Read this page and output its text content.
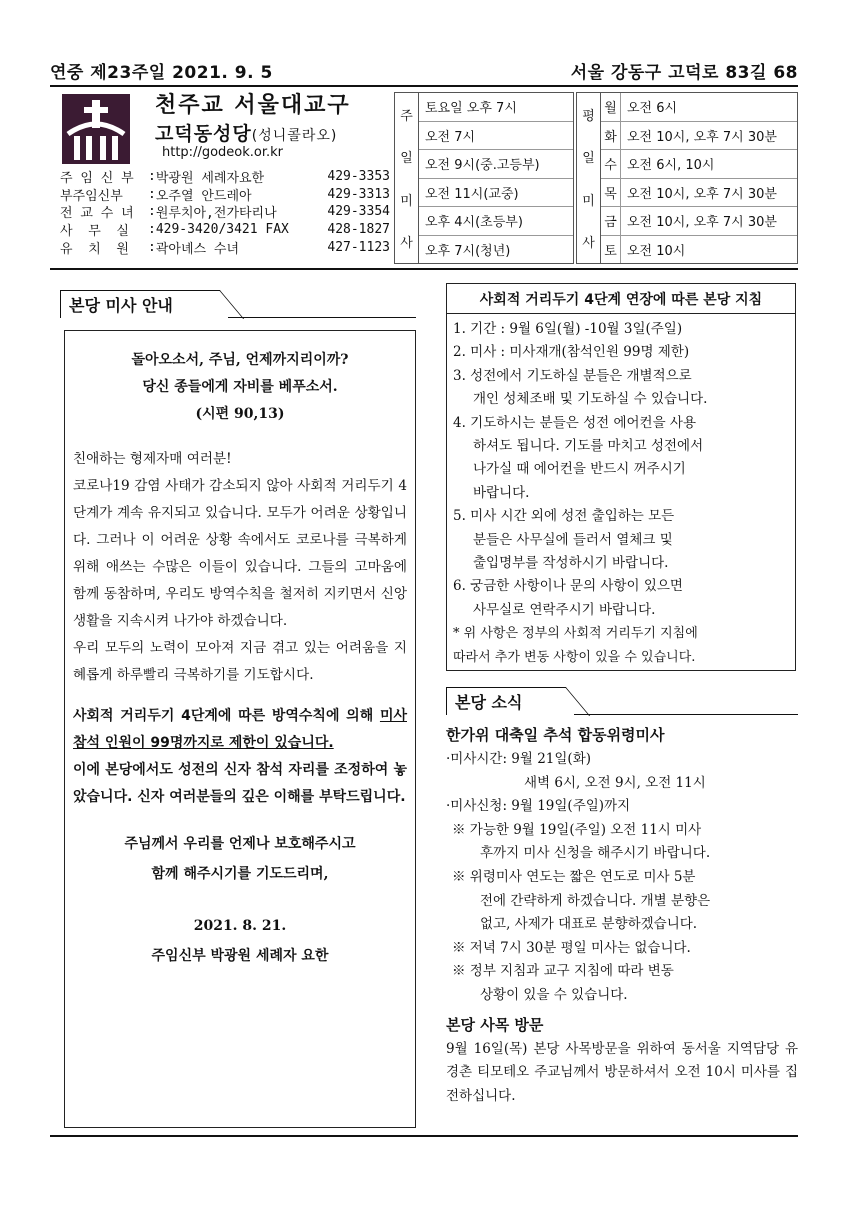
연중 제23주일 2021. 9. 5	서울 강동구 고덕로 83길 68
천주교 서울대교구
고덕동성당(성니콜라오)
http://godeok.or.kr
주 임 신 부	: 박광원 세례자요한	429-3353
부주임신부	: 오주열 안드레아	429-3313
전 교 수 녀	: 원루치아,전가타리나	429-3354
사  무  실	: 429-3420/3421 FAX	428-1827
유  치  원	: 곽아녜스 수녀	427-1123
주
일
미
사
토요일 오후 7시
오전 7시
오전 9시(중.고등부)
오전 11시(교중)
오후 4시(초등부)
오후 7시(청년)
평
일
미
사
월 오전 6시
화 오전 10시, 오후 7시 30분
수 오전 6시, 10시
목 오전 10시, 오후 7시 30분
금 오전 10시, 오후 7시 30분
토 오전 10시
본당 미사 안내
돌아오소서, 주님, 언제까지리이까?
당신 종들에게 자비를 베푸소서.
(시편 90,13)

친애하는 형제자매 여러분!

코로나19 감염 사태가 감소되지 않아 사회적 거리두기 4단계가 계속 유지되고 있습니다. 모두가 어려운 상황입니다. 그러나 이 어려운 상황 속에서도 코로나를 극복하게 위해 애쓰는 수많은 이들이 있습니다. 그들의 고마움에 함께 동참하며, 우리도 방역수칙을 철저히 지키면서 신앙생활을 지속시켜 나가야 하겠습니다.

우리 모두의 노력이 모아져 지금 겪고 있는 어려움을 지혜롭게 하루빨리 극복하기를 기도합시다.

사회적 거리두기 4단계에 따른 방역수칙에 의해 미사참석 인원이 99명까지로 제한이 있습니다.

이에 본당에서도 성전의 신자 참석 자리를 조정하여 놓았습니다. 신자 여러분들의 깊은 이해를 부탁드립니다.

주님께서 우리를 언제나 보호해주시고
함께 해주시기를 기도드리며,
2021. 8. 21.
주임신부 박광원 세례자 요한
사회적 거리두기 4단계 연장에 따른 본당 지침
1. 기간 : 9월 6일(월) -10월 3일(주일)
2. 미사 : 미사재개(참석인원 99명 제한)
3. 성전에서 기도하실 분들은 개별적으로
개인 성체조배 및 기도하실 수 있습니다.
4. 기도하시는 분들은 성전 에어컨을 사용
하셔도 됩니다. 기도를 마치고 성전에서
나가실 때 에어컨을 반드시 꺼주시기
바랍니다.
5. 미사 시간 외에 성전 출입하는 모든
분들은 사무실에 들러서 열체크 및
출입명부를 작성하시기 바랍니다.
6. 궁금한 사항이나 문의 사항이 있으면
사무실로 연락주시기 바랍니다.
* 위 사항은 정부의 사회적 거리두기 지침에
따라서 추가 변동 사항이 있을 수 있습니다.
본당 소식
한가위 대축일 추석 합동위령미사
·미사시간: 9월 21일(화)
새벽 6시, 오전 9시, 오전 11시
·미사신청: 9월 19일(주일)까지
※ 가능한 9월 19일(주일) 오전 11시 미사
후까지 미사 신청을 해주시기 바랍니다.
※ 위령미사 연도는 짧은 연도로 미사 5분
전에 간략하게 하겠습니다. 개별 분향은
없고, 사제가 대표로 분향하겠습니다.
※ 저녁 7시 30분 평일 미사는 없습니다.
※ 정부 지침과 교구 지침에 따라 변동
상황이 있을 수 있습니다.
본당 사목 방문

9월 16일(목) 본당 사목방문을 위하여 동서울 지역담당 유경촌 티모테오 주교님께서 방문하셔서 오전 10시 미사를 집전하십니다.
